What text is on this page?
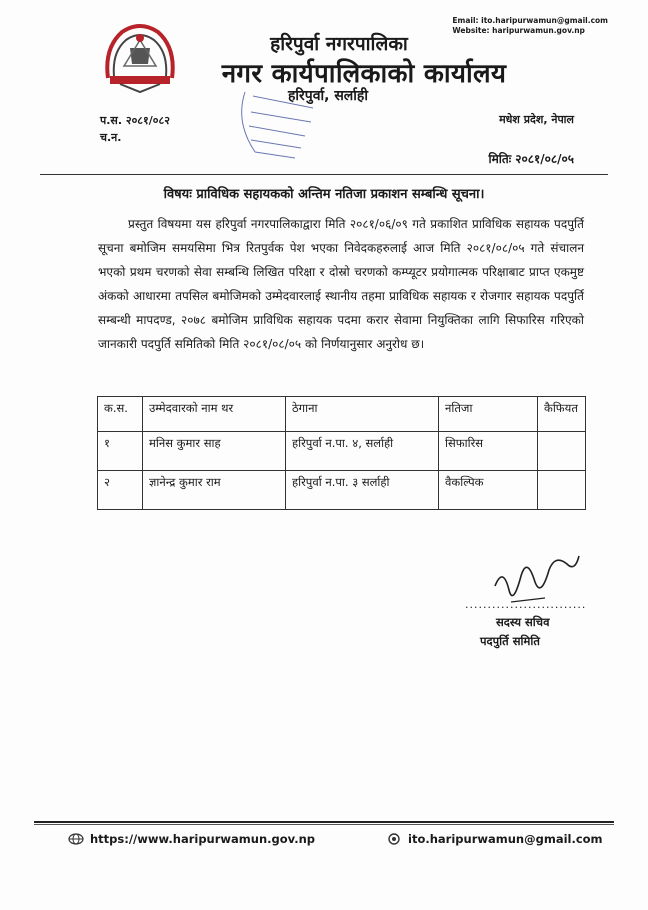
Email: ito.haripurwamun@gmail.com
Website: haripurwamun.gov.np
हरिपुर्वा नगरपालिका
नगर कार्यपालिकाको कार्यालय
हरिपुर्वा, सर्लाही
प.स. २०८१/०८२
च.न.
मधेश प्रदेश, नेपाल
मितिः २०८१/०८/०५
विषयः प्राविधिक सहायकको अन्तिम नतिजा प्रकाशन सम्बन्धि सूचना।
प्रस्तुत विषयमा यस हरिपुर्वा नगरपालिकाद्वारा मिति २०८१/०६/०९ गते प्रकाशित प्राविधिक सहायक पदपुर्ति सूचना बमोजिम समयसिमा भित्र रितपुर्वक पेश भएका निवेदकहरुलाई आज मिति २०८१/०८/०५ गते संचालन भएको प्रथम चरणको सेवा सम्बन्धि लिखित परिक्षा र दोस्रो चरणको कम्प्यूटर प्रयोगात्मक परिक्षाबाट प्राप्त एकमुष्ट अंकको आधारमा तपसिल बमोजिमको उम्मेदवारलाई स्थानीय तहमा प्राविधिक सहायक र रोजगार सहायक पदपुर्ति सम्बन्धी मापदण्ड, २०७८ बमोजिम प्राविधिक सहायक पदमा करार सेवामा नियुक्तिका लागि सिफारिस गरिएको जानकारी पदपुर्ति समितिको मिति २०८१/०८/०५ को निर्णयानुसार अनुरोध छ।
क.स.	उम्मेदवारको नाम थर	ठेगाना	नतिजा	कैफियत
१	मनिस कुमार साह	हरिपुर्वा न.पा. ४, सर्लाही	सिफारिस	
२	ज्ञानेन्द्र कुमार राम	हरिपुर्वा न.पा. ३ सर्लाही	वैकल्पिक	
...........................
सदस्य सचिव
पदपुर्ति समिति
https://www.haripurwamun.gov.np	ito.haripurwamun@gmail.com
